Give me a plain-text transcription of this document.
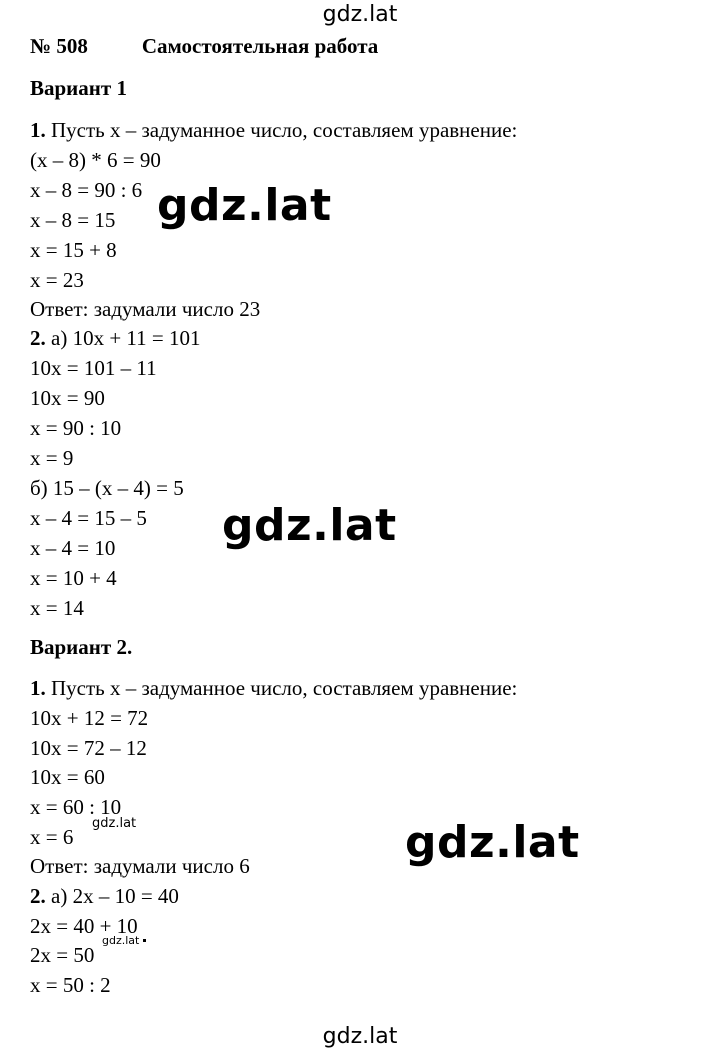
gdz.lat
№ 508	Самостоятельная работа
Вариант 1
1. Пусть х – задуманное число, составляем уравнение:
(х – 8) * 6 = 90
х – 8 = 90 : 6
х – 8 = 15
х = 15 + 8
х = 23
Ответ: задумали число 23
2. а) 10х + 11 = 101
10х = 101 – 11
10х = 90
х = 90 : 10
х = 9
б) 15 – (х – 4) = 5
х – 4 = 15 – 5
х – 4 = 10
х = 10 + 4
х = 14
Вариант 2.
1. Пусть х – задуманное число, составляем уравнение:
10х + 12 = 72
10х = 72 – 12
10х = 60
х = 60 : 10
х = 6
Ответ: задумали число 6
2. а) 2х – 10 = 40
2х = 40 + 10
2х = 50
х = 50 : 2
gdz.lat
gdz.lat
gdz.lat
gdz.lat
gdz.lat
gdz.lat
